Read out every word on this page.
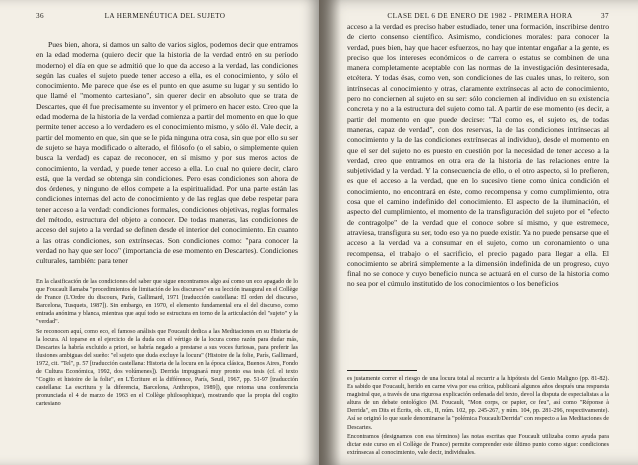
36	LA HERMENÉUTICA DEL SUJETO

Pues bien, ahora, si damos un salto de varios siglos, podemos decir que entramos en la edad moderna (quiero decir que la historia de la verdad entró en su período moderno) el día en que se admitió que lo que da acceso a la verdad, las condiciones según las cuales el sujeto puede tener acceso a ella, es el conocimiento, y sólo el conocimiento. Me parece que ése es el punto en que asume su lugar y su sentido lo que llamé el "momento cartesiano", sin querer decir en absoluto que se trata de Descartes, que él fue precisamente su inventor y el primero en hacer esto. Creo que la edad moderna de la historia de la verdad comienza a partir del momento en que lo que permite tener acceso a lo verdadero es el conocimiento mismo, y sólo él. Vale decir, a partir del momento en que, sin que se le pida ninguna otra cosa, sin que por ello su ser de sujeto se haya modificado o alterado, el filósofo (o el sabio, o simplemente quien busca la verdad) es capaz de reconocer, en sí mismo y por sus meros actos de conocimiento, la verdad, y puede tener acceso a ella. Lo cual no quiere decir, claro está, que la verdad se obtenga sin condiciones. Pero esas condiciones son ahora de dos órdenes, y ninguno de ellos compete a la espiritualidad. Por una parte están las condiciones internas del acto de conocimiento y de las reglas que debe respetar para tener acceso a la verdad: condiciones formales, condiciones objetivas, reglas formales del método, estructura del objeto a conocer. De todas maneras, las condiciones de acceso del sujeto a la verdad se definen desde el interior del conocimiento. En cuanto a las otras condiciones, son extrínsecas. Son condiciones como: "para conocer la verdad no hay que ser loco" (importancia de ese momento en Descartes). Condiciones culturales, también: para tener

En la clasificación de las condiciones del saber que sigue encontramos algo así como un eco apagado de lo que Foucault llamaba "procedimientos de limitación de los discursos" en su lección inaugural en el Collège de France (L'Ordre du discours, París, Gallimard, 1971 [traducción castellana: El orden del discurso, Barcelona, Tusquets, 1987]). Sin embargo, en 1970, el elemento fundamental era el del discurso, como entrada anónima y blanca, mientras que aquí todo se estructura en torno de la articulación del "sujeto" y la "verdad".

Se reconocen aquí, como eco, el famoso análisis que Foucault dedica a las Meditaciones en su Historia de la locura. Al toparse en el ejercicio de la duda con el vértigo de la locura como razón para dudar más, Descartes la habría excluido a priori, se habría negado a prestarse a sus voces furiosas, para preferir las ilusiones ambiguas del sueño: "el sujeto que duda excluye la locura" (Histoire de la folie, París, Gallimard, 1972, cit. "Tel", p. 57 [traducción castellana: Historia de la locura en la época clásica, Buenos Aires, Fondo de Cultura Económica, 1992, dos volúmenes]). Derrida impugnará muy pronto esa tesis (cf. el texto "Cogito et histoire de la folie", en L'Écriture et la différence, París, Seuil, 1967, pp. 51-97 [traducción castellana: La escritura y la diferencia, Barcelona, Anthropos, 1989]), que retoma una conferencia pronunciada el 4 de marzo de 1963 en el Collège philosophique), mostrando que la propia del cogito cartesiano

CLASE DEL 6 DE ENERO DE 1982 - PRIMERA HORA	37

acceso a la verdad es preciso haber estudiado, tener una formación, inscribirse dentro de cierto consenso científico. Asimismo, condiciones morales: para conocer la verdad, pues bien, hay que hacer esfuerzos, no hay que intentar engañar a la gente, es preciso que los intereses económicos o de carrera o estatus se combinen de una manera completamente aceptable con las normas de la investigación desinteresada, etcétera. Y todas ésas, como ven, son condiciones de las cuales unas, lo reitero, son intrínsecas al conocimiento y otras, claramente extrínsecas al acto de conocimiento, pero no conciernen al sujeto en su ser: sólo conciernen al individuo en su existencia concreta y no a la estructura del sujeto como tal. A partir de ese momento (es decir, a partir del momento en que puede decirse: "Tal como es, el sujeto es, de todas maneras, capaz de verdad", con dos reservas, la de las condiciones intrínsecas al conocimiento y la de las condiciones extrínsecas al individuo), desde el momento en que el ser del sujeto no es puesto en cuestión por la necesidad de tener acceso a la verdad, creo que entramos en otra era de la historia de las relaciones entre la subjetividad y la verdad. Y la consecuencia de ello, o el otro aspecto, si lo prefieren, es que el acceso a la verdad, que en lo sucesivo tiene como única condición el conocimiento, no encontrará en éste, como recompensa y como cumplimiento, otra cosa que el camino indefinido del conocimiento. El aspecto de la iluminación, el aspecto del cumplimiento, el momento de la transfiguración del sujeto por el "efecto de contragolpe" de la verdad que el conoce sobre sí mismo, y que estremece, atraviesa, transfigura su ser, todo eso ya no puede existir. Ya no puede pensarse que el acceso a la verdad va a consumar en el sujeto, como un coronamiento o una recompensa, el trabajo o el sacrificio, el precio pagado para llegar a ella. El conocimiento se abrirá simplemente a la dimensión indefinida de un progreso, cuyo final no se conoce y cuyo beneficio nunca se actuará en el curso de la historia como no sea por el cúmulo institutido de los conocimientos o los beneficios

es justamente correr el riesgo de una locura total al recurrir a la hipótesis del Genio Maligno (pp. 81-82). Es sabido que Foucault, herido en carne viva por esa crítica, publicará algunos años después una respuesta magistral que, a través de una rigurosa explicación ordenada del texto, devol la disputa de especialistas a la altura de un debate ontológico (M. Foucault, "Mon corps, ce papier, ce feu", así como "Réponse à Derrida", en Dits et Écrits, ob. cit., II, núm. 102, pp. 245-267, y núm. 104, pp. 281-296, respectivamente). Así se originó lo que suele denominarse la "polémica Foucault/Derrida" con respecto a las Meditaciones de Descartes.

Encontramos (designamos con esa términos) las notas escritas que Foucault utilizaba como ayuda para dictar este curso en el Collège de France) permite comprender este último punto como sigue: condiciones extrínsecas al conocimiento, vale decir, individuales.
